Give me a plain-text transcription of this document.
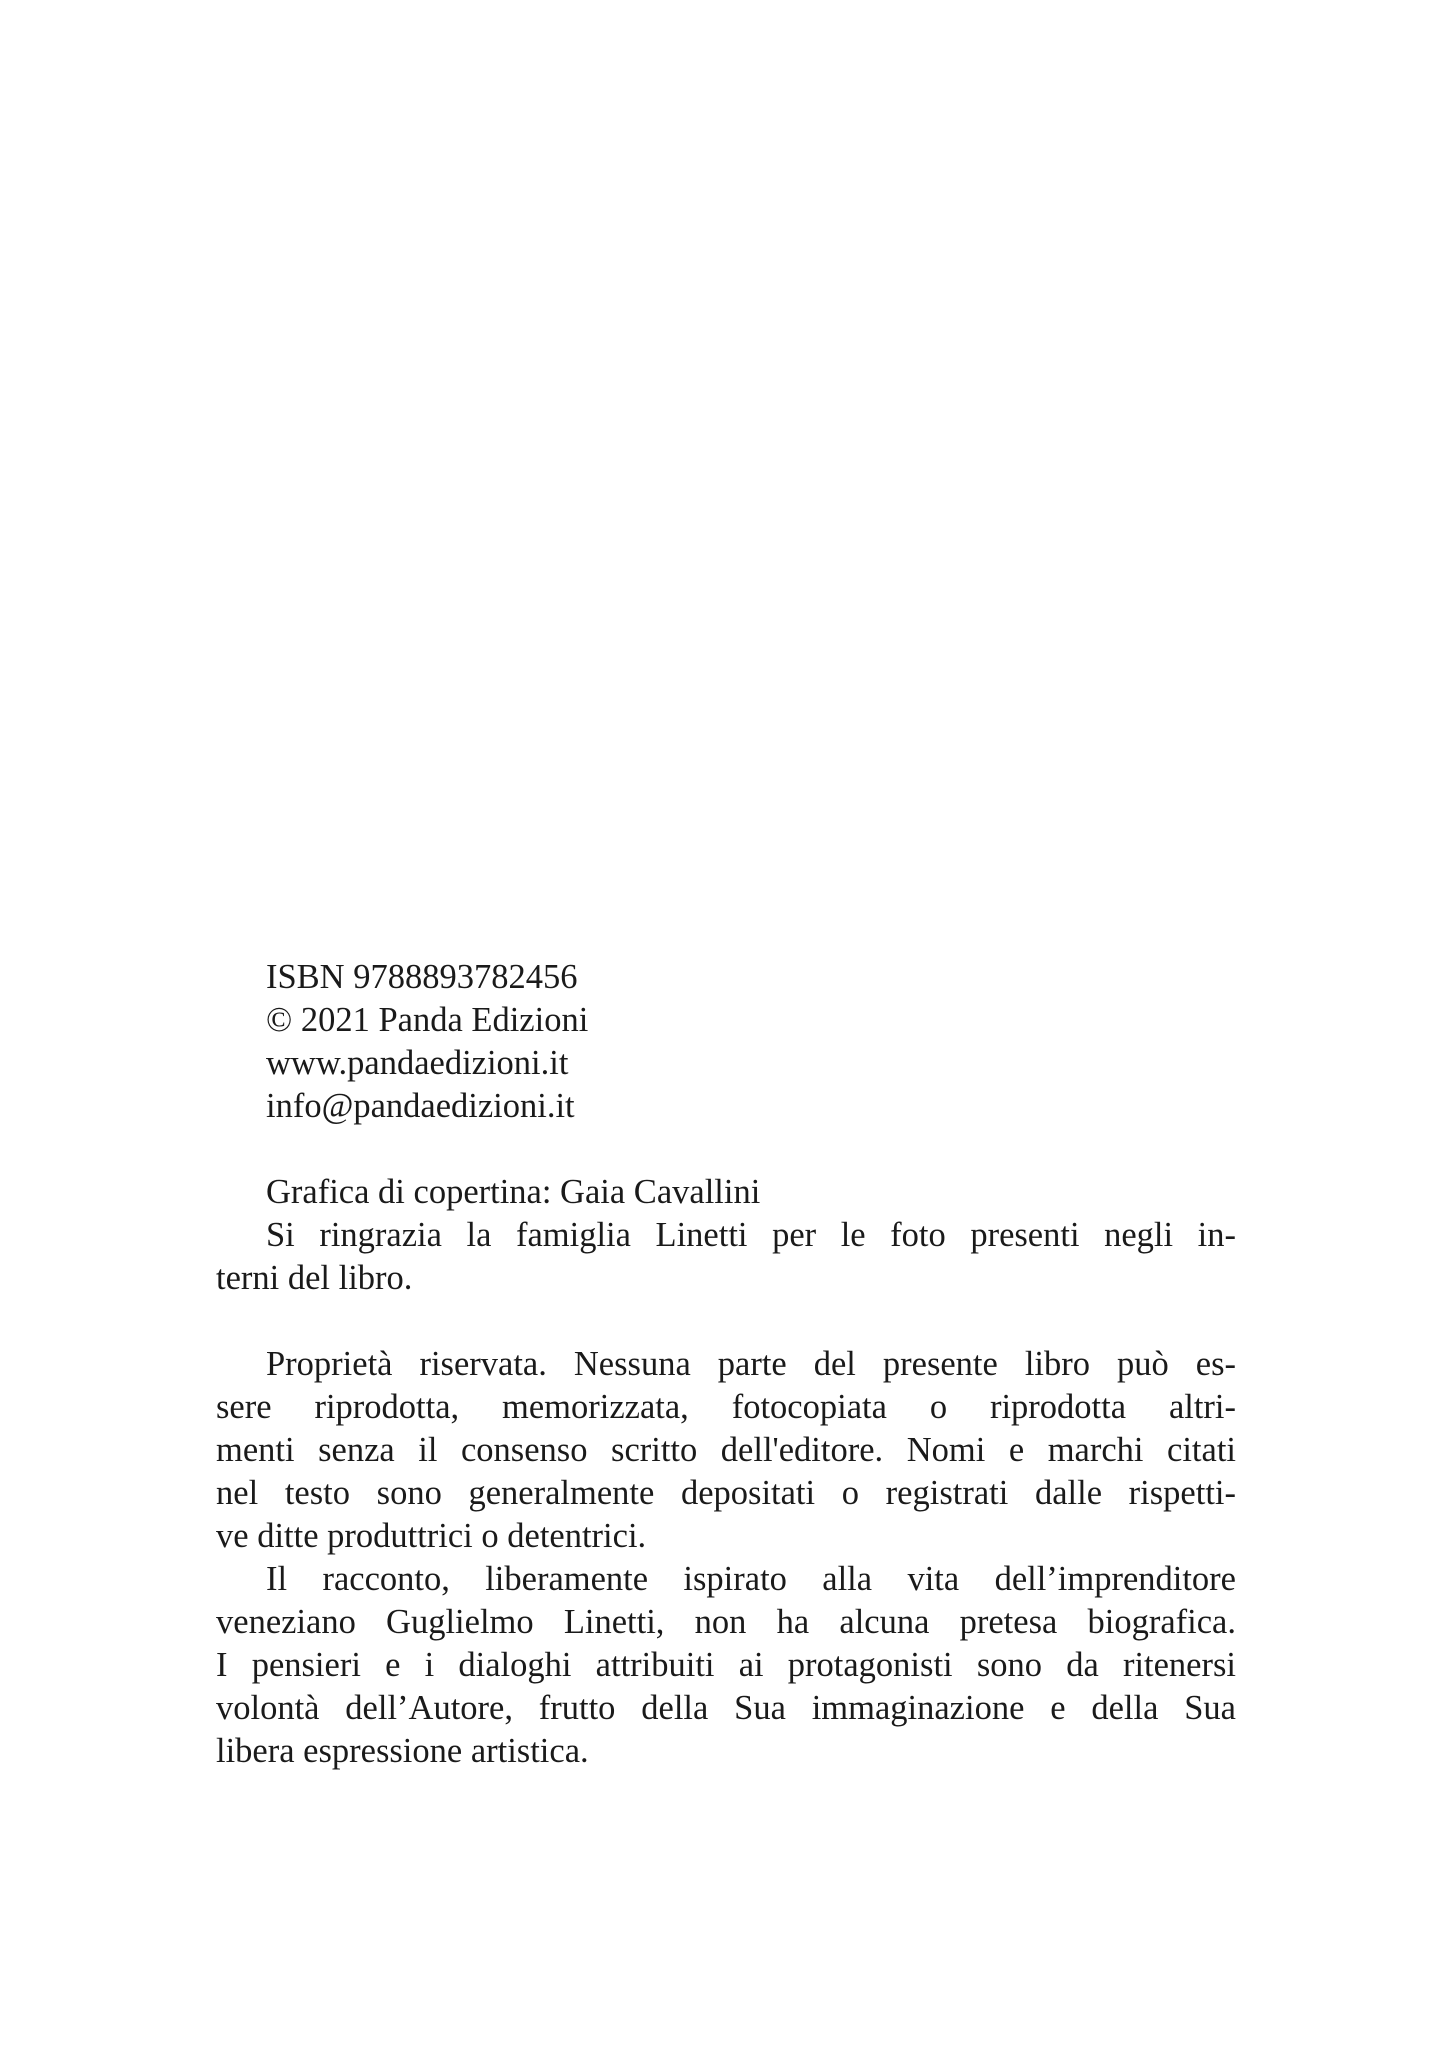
ISBN 9788893782456
© 2021 Panda Edizioni
www.pandaedizioni.it
info@pandaedizioni.it
Grafica di copertina: Gaia Cavallini
Si ringrazia la famiglia Linetti per le foto presenti negli in-
terni del libro.
Proprietà riservata. Nessuna parte del presente libro può es-
sere riprodotta, memorizzata, fotocopiata o riprodotta altri-
menti senza il consenso scritto dell'editore. Nomi e marchi citati
nel testo sono generalmente depositati o registrati dalle rispetti-
ve ditte produttrici o detentrici.
Il racconto, liberamente ispirato alla vita dell’imprenditore
veneziano Guglielmo Linetti, non ha alcuna pretesa biografica.
I pensieri e i dialoghi attribuiti ai protagonisti sono da ritenersi
volontà dell’Autore, frutto della Sua immaginazione e della Sua
libera espressione artistica.
